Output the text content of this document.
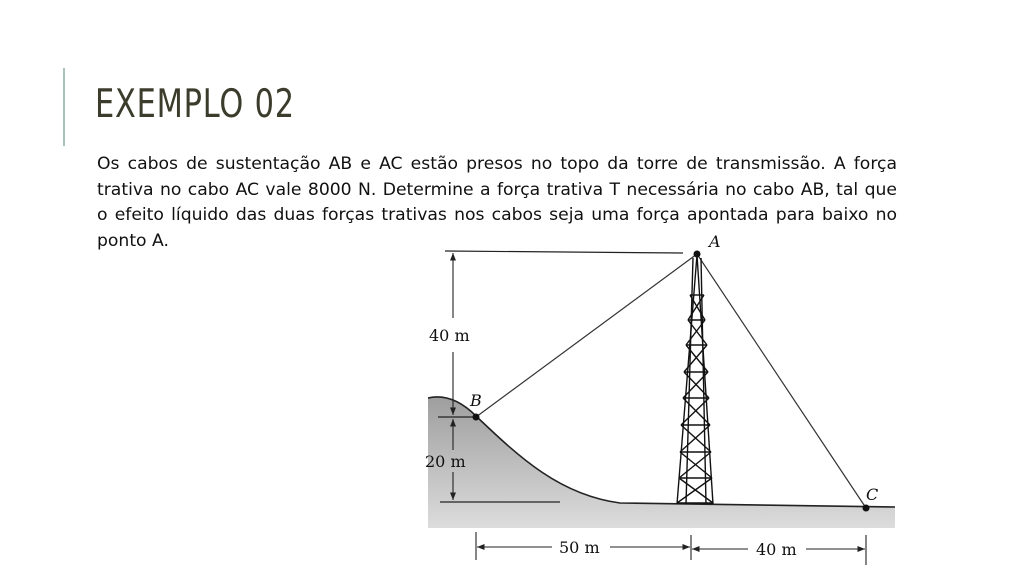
EXEMPLO 02

Os cabos de sustentação AB e AC estão presos no topo da torre de transmissão. A força trativa no cabo AC vale 8000 N. Determine a força trativa T necessária no cabo AB, tal que o efeito líquido das duas forças trativas nos cabos seja uma força apontada para baixo no ponto A.

40 m
20 m
50 m	40 m
A
B
C
